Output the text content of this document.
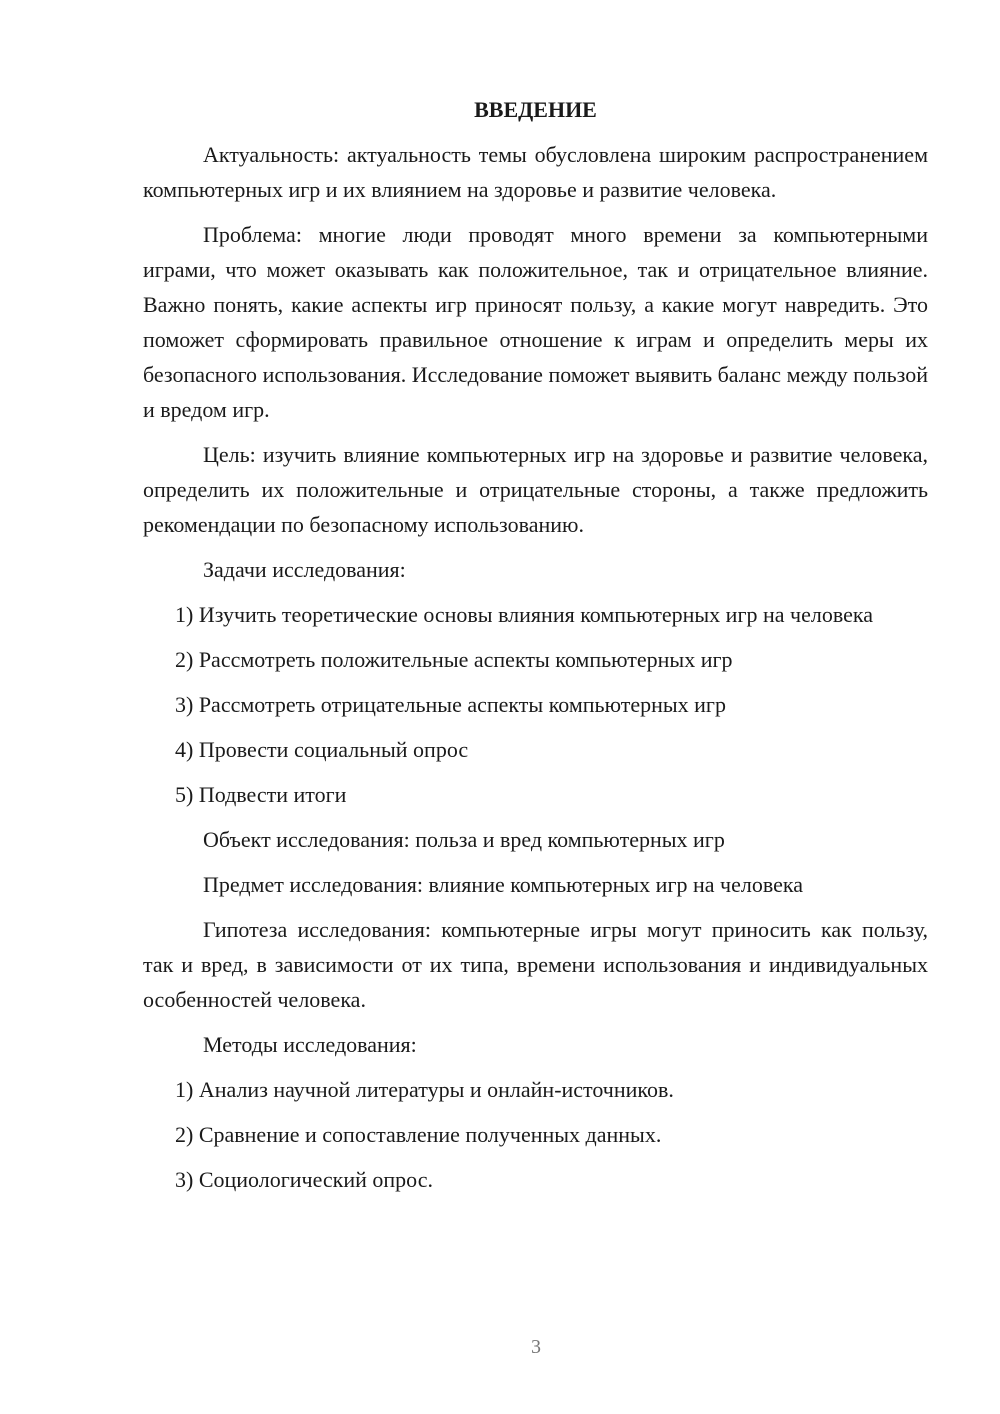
ВВЕДЕНИЕ

Актуальность: актуальность темы обусловлена широким распространением компьютерных игр и их влиянием на здоровье и развитие человека.

Проблема: многие люди проводят много времени за компьютерными играми, что может оказывать как положительное, так и отрицательное влияние. Важно понять, какие аспекты игр приносят пользу, а какие могут навредить. Это поможет сформировать правильное отношение к играм и определить меры их безопасного использования. Исследование поможет выявить баланс между пользой и вредом игр.

Цель: изучить влияние компьютерных игр на здоровье и развитие человека, определить их положительные и отрицательные стороны, а также предложить рекомендации по безопасному использованию.

Задачи исследования:

1) Изучить теоретические основы влияния компьютерных игр на человека

2) Рассмотреть положительные аспекты компьютерных игр

3) Рассмотреть отрицательные аспекты компьютерных игр

4) Провести социальный опрос

5) Подвести итоги

Объект исследования: польза и вред компьютерных игр

Предмет исследования: влияние компьютерных игр на человека

Гипотеза исследования: компьютерные игры могут приносить как пользу, так и вред, в зависимости от их типа, времени использования и индивидуальных особенностей человека.

Методы исследования:

1) Анализ научной литературы и онлайн-источников.

2) Сравнение и сопоставление полученных данных.

3) Социологический опрос.

3
